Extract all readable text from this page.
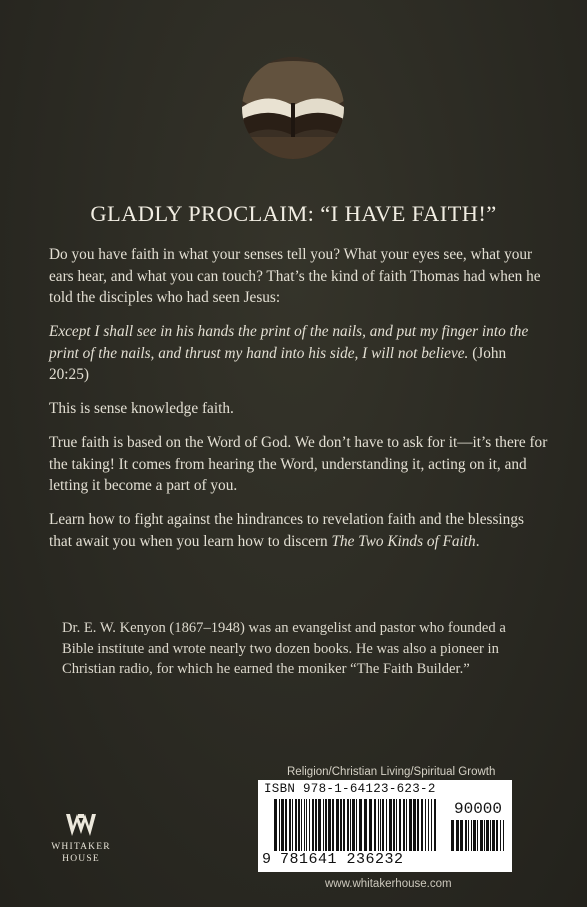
GLADLY PROCLAIM: “I HAVE FAITH!”

Do you have faith in what your senses tell you? What your eyes see, what your ears hear, and what you can touch? That’s the kind of faith Thomas had when he told the disciples who had seen Jesus:

Except I shall see in his hands the print of the nails, and put my finger into the print of the nails, and thrust my hand into his side, I will not believe. (John 20:25)

This is sense knowledge faith.

True faith is based on the Word of God. We don’t have to ask for it—it’s there for the taking! It comes from hearing the Word, understanding it, acting on it, and letting it become a part of you.

Learn how to fight against the hindrances to revelation faith and the blessings that await you when you learn how to discern The Two Kinds of Faith.

Dr. E. W. Kenyon (1867–1948) was an evangelist and pastor who founded a Bible institute and wrote nearly two dozen books. He was also a pioneer in Christian radio, for which he earned the moniker “The Faith Builder.”

WHITAKER
HOUSE
Religion/Christian Living/Spiritual Growth
ISBN 978-1-64123-623-2
90000
9 781641 236232
www.whitakerhouse.com
